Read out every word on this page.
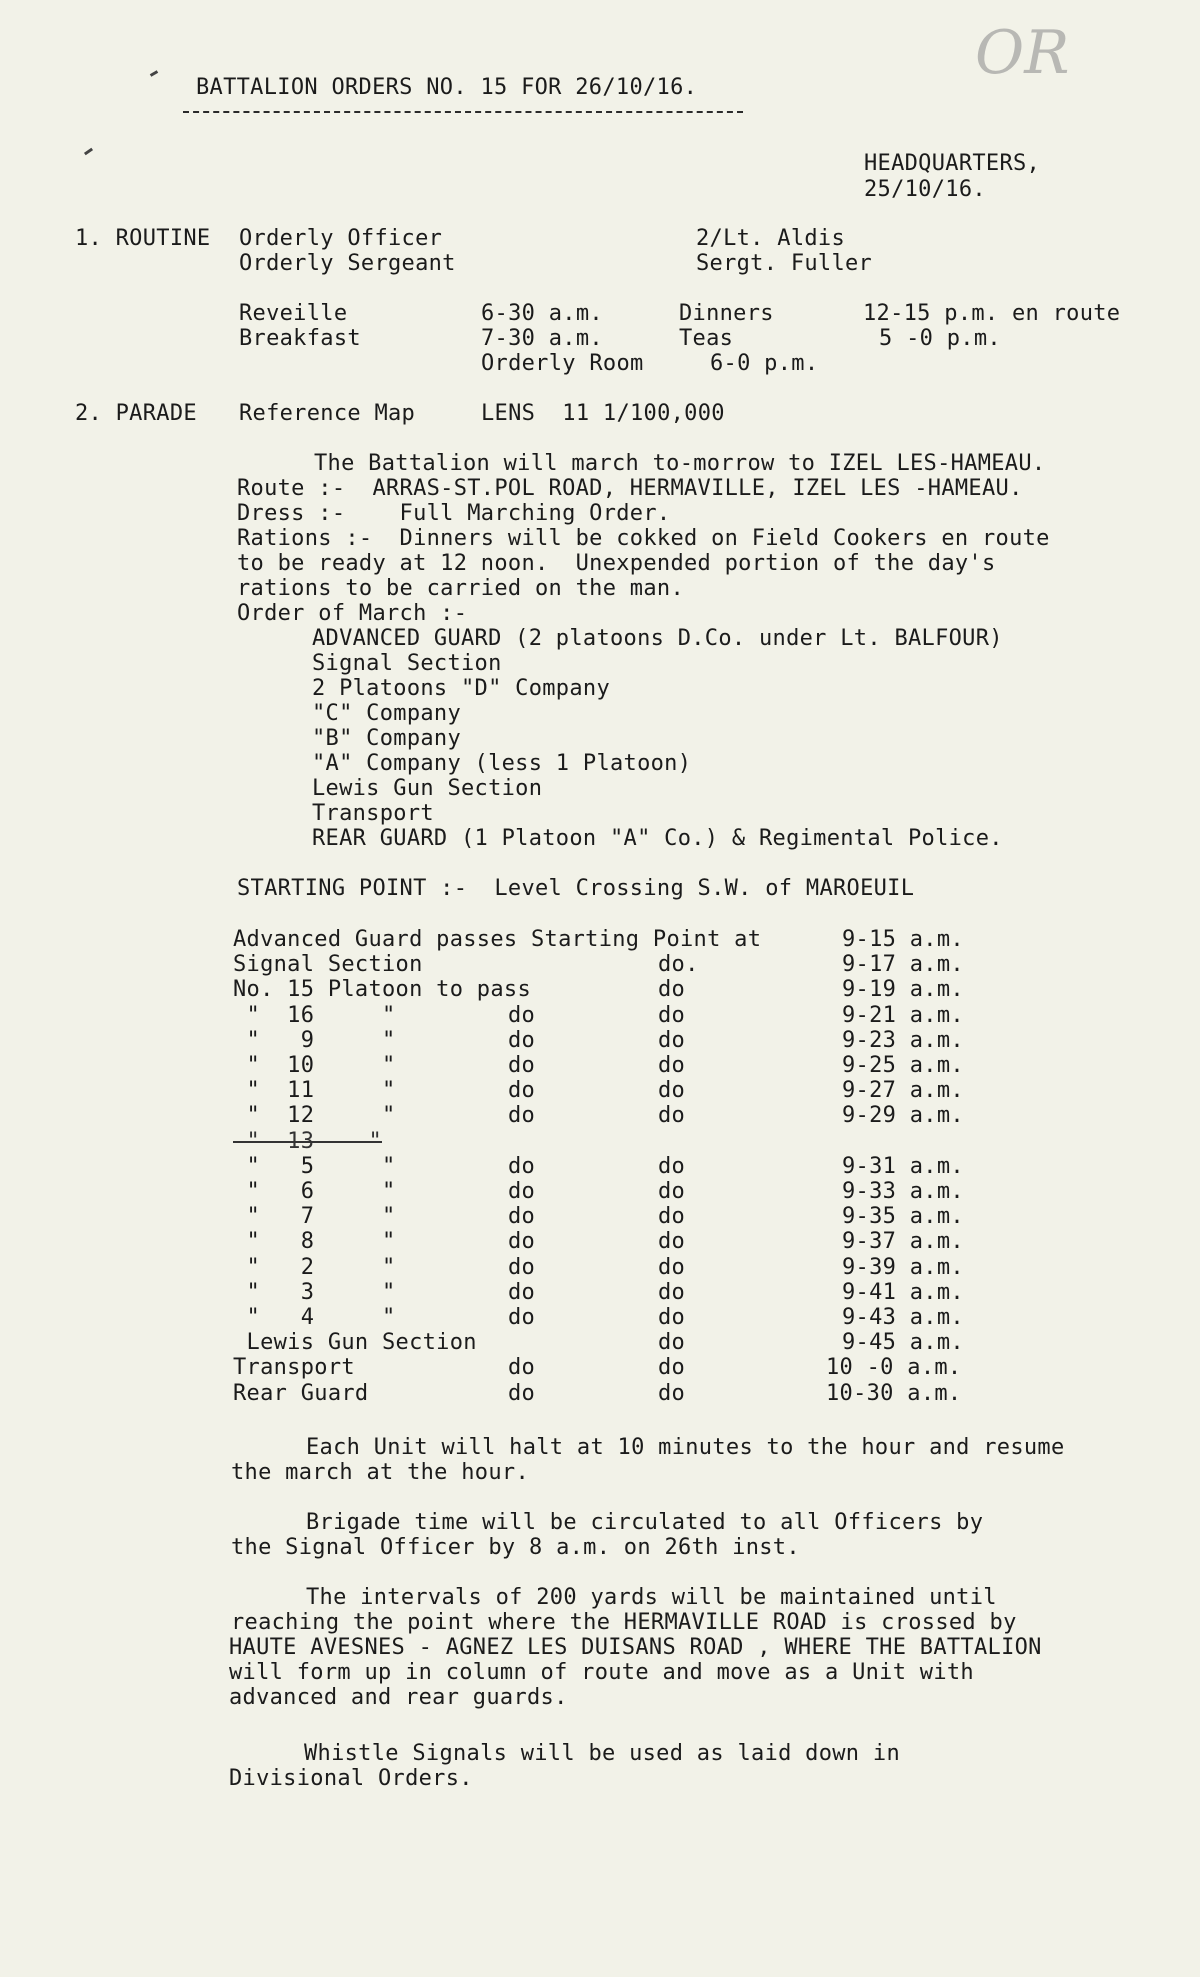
OR
BATTALION ORDERS NO. 15 FOR 26/10/16.
HEADQUARTERS,
25/10/16.
1. ROUTINE Orderly Officer	2/Lt. Aldis
Orderly Sergeant	Sergt. Fuller
Reveille	6-30 a.m.	Dinners	12-15 p.m. en route
Breakfast	7-30 a.m.	Teas	5 -0 p.m.
Orderly Room	6-0 p.m.
2. PARADE Reference Map	LENS  11 1/100,000
The Battalion will march to-morrow to IZEL LES-HAMEAU.
Route :-  ARRAS-ST.POL ROAD, HERMAVILLE, IZEL LES -HAMEAU.
Dress :-    Full Marching Order.
Rations :-  Dinners will be cokked on Field Cookers en route
to be ready at 12 noon.  Unexpended portion of the day's
rations to be carried on the man.
Order of March :-
ADVANCED GUARD (2 platoons D.Co. under Lt. BALFOUR)
Signal Section
2 Platoons "D" Company
"C" Company
"B" Company
"A" Company (less 1 Platoon)
Lewis Gun Section
Transport
REAR GUARD (1 Platoon "A" Co.) & Regimental Police.
STARTING POINT :-  Level Crossing S.W. of MAROEUIL
Advanced Guard passes Starting Point at	9-15 a.m.
Signal Section	do.	9-17 a.m.
No. 15 Platoon to pass	do	9-19 a.m.
"  16     "	do	do	9-21 a.m.
"   9     "	do	do	9-23 a.m.
"  10     "	do	do	9-25 a.m.
"  11     "	do	do	9-27 a.m.
"  12     "	do	do	9-29 a.m.
"--13----"
"   5     "	do	do	9-31 a.m.
"   6     "	do	do	9-33 a.m.
"   7     "	do	do	9-35 a.m.
"   8     "	do	do	9-37 a.m.
"   2     "	do	do	9-39 a.m.
"   3     "	do	do	9-41 a.m.
"   4     "	do	do	9-43 a.m.
Lewis Gun Section	do	9-45 a.m.
Transport	do	do	10 -0 a.m.
Rear Guard	do	do	10-30 a.m.
Each Unit will halt at 10 minutes to the hour and resume
the march at the hour.
Brigade time will be circulated to all Officers by
the Signal Officer by 8 a.m. on 26th inst.
The intervals of 200 yards will be maintained until
reaching the point where the HERMAVILLE ROAD is crossed by
HAUTE AVESNES - AGNEZ LES DUISANS ROAD , WHERE THE BATTALION
will form up in column of route and move as a Unit with
advanced and rear guards.
Whistle Signals will be used as laid down in
Divisional Orders.
